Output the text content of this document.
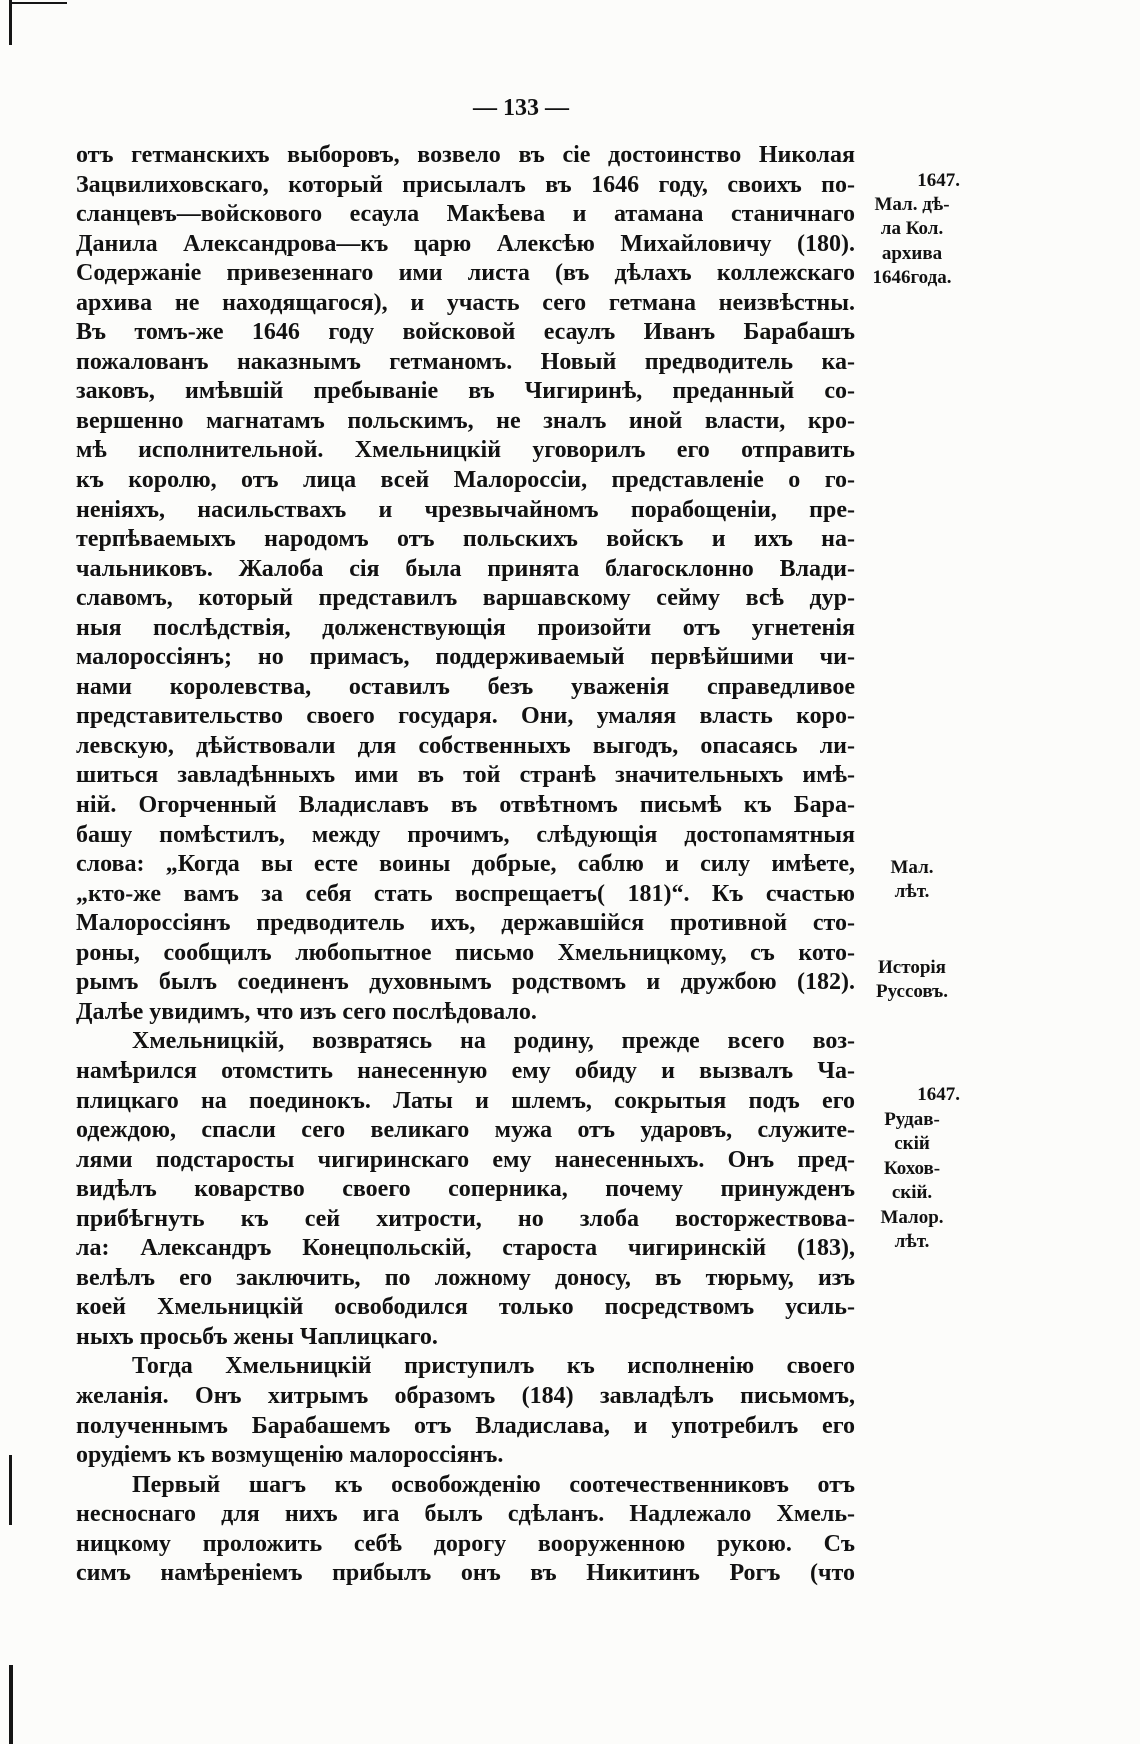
— 133 —
отъ гетманскихъ выборовъ, возвело въ сіе достоинство Николая
Зацвилиховскаго, который присылалъ въ 1646 году, своихъ по-
сланцевъ—войскового есаула Макѣева и атамана станичнаго
Данила Александрова—къ царю Алексѣю Михайловичу (180).
Содержаніе привезеннаго ими листа (въ дѣлахъ коллежскаго
архива не находящагося), и участь сего гетмана неизвѣстны.
Въ томъ-же 1646 году войсковой есаулъ Иванъ Барабашъ
пожалованъ наказнымъ гетманомъ. Новый предводитель ка-
заковъ, имѣвшій пребываніе въ Чигиринѣ, преданный со-
вершенно магнатамъ польскимъ, не зналъ иной власти, кро-
мѣ исполнительной. Хмельницкій уговорилъ его отправить
къ королю, отъ лица всей Малороссіи, представленіе о го-
неніяхъ, насильствахъ и чрезвычайномъ порабощеніи, пре-
терпѣваемыхъ народомъ отъ польскихъ войскъ и ихъ на-
чальниковъ. Жалоба сія была принята благосклонно Влади-
славомъ, который представилъ варшавскому сейму всѣ дур-
ныя послѣдствія, долженствующія произойти отъ угнетенія
малороссіянъ; но примасъ, поддерживаемый первѣйшими чи-
нами королевства, оставилъ безъ уваженія справедливое
представительство своего государя. Они, умаляя власть коро-
левскую, дѣйствовали для собственныхъ выгодъ, опасаясь ли-
шиться завладѣнныхъ ими въ той странѣ значительныхъ имѣ-
ній. Огорченный Владиславъ въ отвѣтномъ письмѣ къ Бара-
башу помѣстилъ, между прочимъ, слѣдующія достопамятныя
слова: „Когда вы есте воины добрые, саблю и силу имѣете,
„кто-же вамъ за себя стать воспрещаетъ( 181)“. Къ счастью
Малороссіянъ предводитель ихъ, державшійся противной сто-
роны, сообщилъ любопытное письмо Хмельницкому, съ кото-
рымъ былъ соединенъ духовнымъ родствомъ и дружбою (182).
Далѣе увидимъ, что изъ сего послѣдовало.
Хмельницкій, возвратясь на родину, прежде всего воз-
намѣрился отомстить нанесенную ему обиду и вызвалъ Ча-
плицкаго на поединокъ. Латы и шлемъ, сокрытыя подъ его
одеждою, спасли сего великаго мужа отъ ударовъ, служите-
лями подстаросты чигиринскаго ему нанесенныхъ. Онъ пред-
видѣлъ коварство своего соперника, почему принужденъ
прибѣгнуть къ сей хитрости, но злоба восторжествова-
ла: Александръ Конецпольскій, староста чигиринскій (183),
велѣлъ его заключить, по ложному доносу, въ тюрьму, изъ
коей Хмельницкій освободился только посредствомъ усиль-
ныхъ просьбъ жены Чаплицкаго.
Тогда Хмельницкій приступилъ къ исполненію своего
желанія. Онъ хитрымъ образомъ (184) завладѣлъ письмомъ,
полученнымъ Барабашемъ отъ Владислава, и употребилъ его
орудіемъ къ возмущенію малороссіянъ.
Первый шагъ къ освобожденію соотечественниковъ отъ
несноснаго для нихъ ига былъ сдѣланъ. Надлежало Хмель-
ницкому проложить себѣ дорогу вооруженною рукою. Съ
симъ намѣреніемъ прибылъ онъ въ Никитинъ Рогъ (что
1647.
Мал. дѣ-
ла Кол.
архива
1646года.
Мал.
лѣт.
Исторія
Руссовъ.
1647.
Рудав-
скій
Кохов-
скій.
Малор.
лѣт.
